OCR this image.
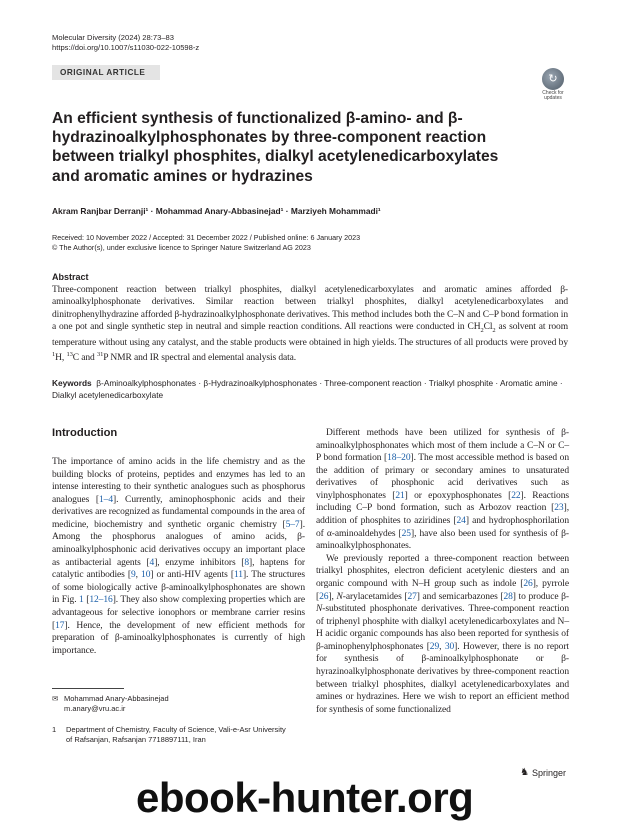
Molecular Diversity (2024) 28:73–83
https://doi.org/10.1007/s11030-022-10598-z
ORIGINAL ARTICLE
↻
Check for updates
An efficient synthesis of functionalized β-amino- and β-hydrazinoalkylphosphonates by three-component reaction between trialkyl phosphites, dialkyl acetylenedicarboxylates and aromatic amines or hydrazines
Akram Ranjbar Derranji¹ · Mohammad Anary-Abbasinejad¹ · Marziyeh Mohammadi¹
Received: 10 November 2022 / Accepted: 31 December 2022 / Published online: 6 January 2023
© The Author(s), under exclusive licence to Springer Nature Switzerland AG 2023
Abstract

Three-component reaction between trialkyl phosphites, dialkyl acetylenedicarboxylates and aromatic amines afforded β-aminoalkylphosphonate derivatives. Similar reaction between trialkyl phosphites, dialkyl acetylenedicarboxylates and dinitrophenylhydrazine afforded β-hydrazinoalkylphosphonate derivatives. This method includes both the C–N and C–P bond formation in a one pot and single synthetic step in neutral and simple reaction conditions. All reactions were conducted in $CH_2Cl_2$ as solvent at room temperature without using any catalyst, and the stable products were obtained in high yields. The structures of all products were proved by $^1$H, $^{13}$C and $^{31}$P NMR and IR spectral and elemental analysis data.

Keywords β-Aminoalkylphosphonates · β-Hydrazinoalkylphosphonates · Three-component reaction · Trialkyl phosphite · Aromatic amine · Dialkyl acetylenedicarboxylate
Introduction

The importance of amino acids in the life chemistry and as the building blocks of proteins, peptides and enzymes has led to an intense interesting to their synthetic analogues such as phosphorus analogues [1–4]. Currently, aminophosphonic acids and their derivatives are recognized as fundamental compounds in the area of medicine, biochemistry and synthetic organic chemistry [5–7]. Among the phosphorus analogues of amino acids, β-aminoalkylphosphonic acid derivatives occupy an important place as antibacterial agents [4], enzyme inhibitors [8], haptens for catalytic antibodies [9, 10] or anti-HIV agents [11]. The structures of some biologically active β-aminoalkylphosphonates are shown in Fig. 1 [12–16]. They also show complexing properties which are advantageous for selective ionophors or membrane carrier resins [17]. Hence, the development of new efficient methods for preparation of β-aminoalkylphosphonates is currently of high importance.

Different methods have been utilized for synthesis of β-aminoalkylphosphonates which most of them include a C–N or C–P bond formation [18–20]. The most accessible method is based on the addition of primary or secondary amines to unsaturated derivatives of phosphonic acid derivatives such as vinylphosphonates [21] or epoxyphosphonates [22]. Reactions including C–P bond formation, such as Arbozov reaction [23], addition of phosphites to aziridines [24] and hydrophosphorilation of α-aminoaldehydes [25], have also been used for synthesis of β-aminoalkylphosphonates.

We previously reported a three-component reaction between trialkyl phosphites, electron deficient acetylenic diesters and an organic compound with N–H group such as indole [26], pyrrole [26], N-arylacetamides [27] and semicarbazones [28] to produce β-N-substituted phosphonate derivatives. Three-component reaction of triphenyl phosphite with dialkyl acetylenedicarboxylates and N–H acidic organic compounds has also been reported for synthesis of β-aminophenylphosphonates [29, 30]. However, there is no report for synthesis of β-aminoalkylphosphonate or β-hyrazinoalkylphosphonate derivatives by three-component reaction between trialkyl phosphites, dialkyl acetylenedicarboxylates and amines or hydrazines. Here we wish to report an efficient method for synthesis of some functionalized

✉ Mohammad Anary-Abbasinejad
m.anary@vru.ac.ir
1 Department of Chemistry, Faculty of Science, Vali-e-Asr University of Rafsanjan, Rafsanjan 7718897111, Iran
♞ Springer
ebook-hunter.org
